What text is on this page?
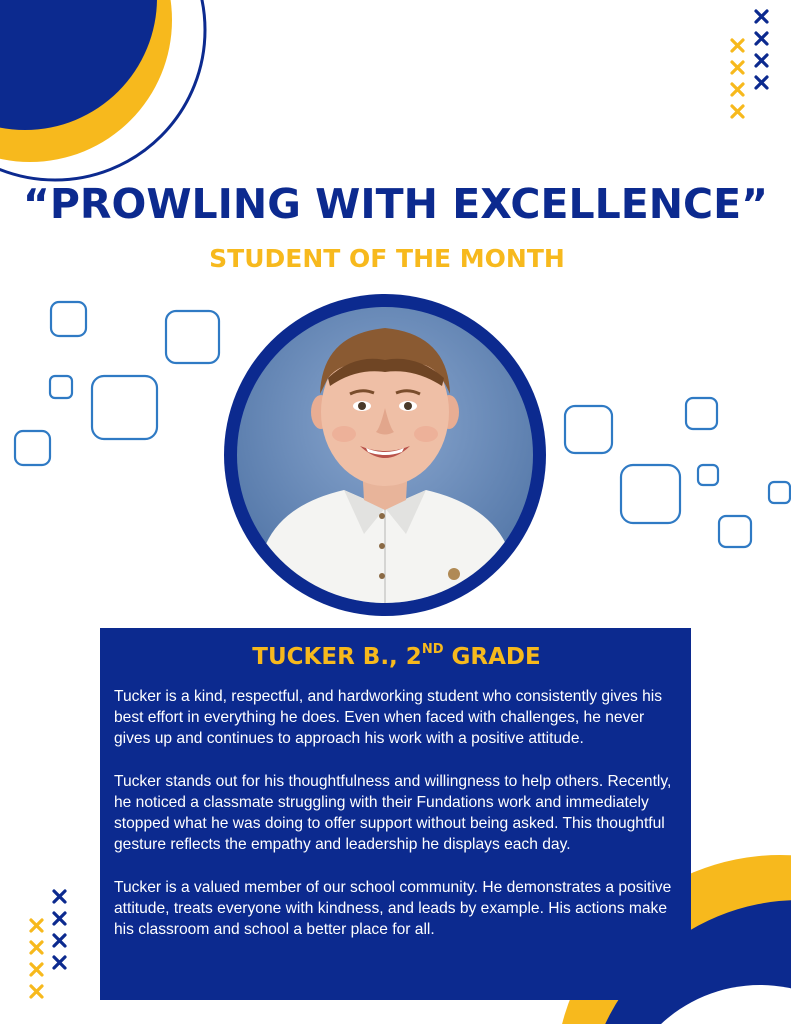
“PROWLING WITH EXCELLENCE”
STUDENT OF THE MONTH
TUCKER B., 2ND GRADE

Tucker is a kind, respectful, and hardworking student who consistently gives his best effort in everything he does. Even when faced with challenges, he never gives up and continues to approach his work with a positive attitude.

Tucker stands out for his thoughtfulness and willingness to help others. Recently, he noticed a classmate struggling with their Fundations work and immediately stopped what he was doing to offer support without being asked. This thoughtful gesture reflects the empathy and leadership he displays each day.

Tucker is a valued member of our school community. He demonstrates a positive attitude, treats everyone with kindness, and leads by example. His actions make his classroom and school a better place for all.
